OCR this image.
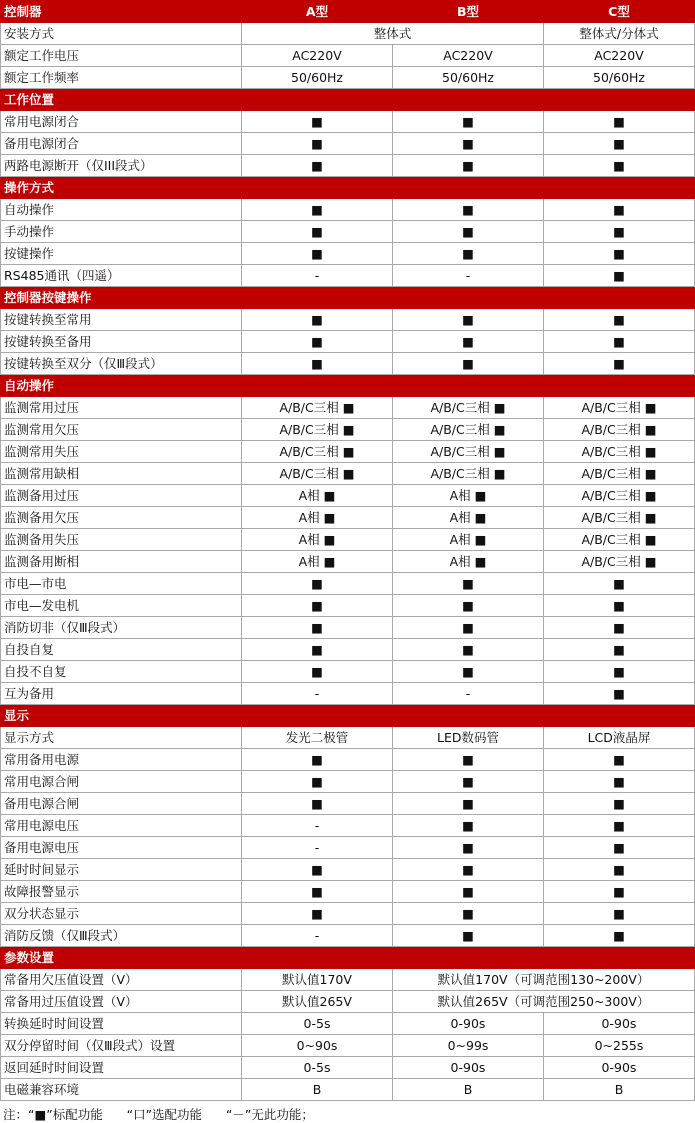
控制器	A型	B型	C型
安装方式	整体式		整体式/分体式
额定工作电压	AC220V	AC220V	AC220V
额定工作频率	50/60Hz	50/60Hz	50/60Hz
工作位置			
常用电源闭合	■	■	■
备用电源闭合	■	■	■
两路电源断开（仅III段式）	■	■	■
操作方式			
自动操作	■	■	■
手动操作	■	■	■
按键操作	■	■	■
RS485通讯（四遥）	-	-	■
控制器按键操作			
按键转换至常用	■	■	■
按键转换至备用	■	■	■
按键转换至双分（仅Ⅲ段式）	■	■	■
自动操作			
监测常用过压	A/B/C三相 ■	A/B/C三相 ■	A/B/C三相 ■
监测常用欠压	A/B/C三相 ■	A/B/C三相 ■	A/B/C三相 ■
监测常用失压	A/B/C三相 ■	A/B/C三相 ■	A/B/C三相 ■
监测常用缺相	A/B/C三相 ■	A/B/C三相 ■	A/B/C三相 ■
监测备用过压	A相 ■	A相 ■	A/B/C三相 ■
监测备用欠压	A相 ■	A相 ■	A/B/C三相 ■
监测备用失压	A相 ■	A相 ■	A/B/C三相 ■
监测备用断相	A相 ■	A相 ■	A/B/C三相 ■
市电—市电	■	■	■
市电—发电机	■	■	■
消防切非（仅Ⅲ段式）	■	■	■
自投自复	■	■	■
自投不自复	■	■	■
互为备用	-	-	■
显示			
显示方式	发光二极管	LED数码管	LCD液晶屏
常用备用电源	■	■	■
常用电源合闸	■	■	■
备用电源合闸	■	■	■
常用电源电压	-	■	■
备用电源电压	-	■	■
延时时间显示	■	■	■
故障报警显示	■	■	■
双分状态显示	■	■	■
消防反馈（仅Ⅲ段式）	-	■	■
参数设置			
常备用欠压值设置（V）	默认值170V	默认值170V（可调范围130~200V）	
常备用过压值设置（V）	默认值265V	默认值265V（可调范围250~300V）	
转换延时时间设置	0-5s	0-90s	0-90s
双分停留时间（仅Ⅲ段式）设置	0~90s	0~99s	0~255s
返回延时时间设置	0-5s	0-90s	0-90s
电磁兼容环境	B	B	B
注：“■”标配功能      “口”选配功能      “－”无此功能；
